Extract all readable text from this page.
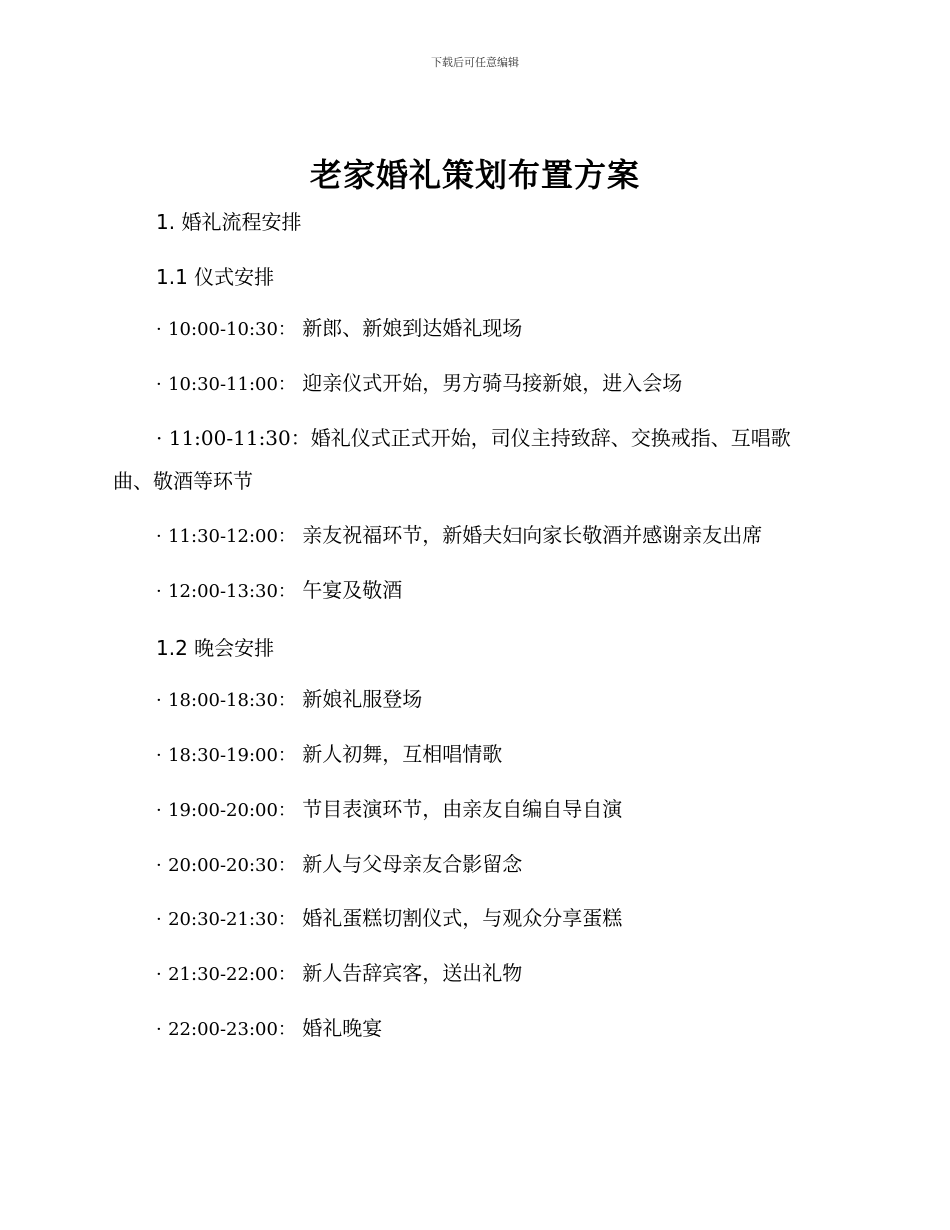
下载后可任意编辑
老家婚礼策划布置方案
1. 婚礼流程安排
1.1 仪式安排
· 10:00-10:30： 新郎、新娘到达婚礼现场
· 10:30-11:00： 迎亲仪式开始，男方骑马接新娘，进入会场
· 11:00-11:30：婚礼仪式正式开始，司仪主持致辞、交换戒指、互唱歌曲、敬酒等环节
· 11:30-12:00： 亲友祝福环节，新婚夫妇向家长敬酒并感谢亲友出席
· 12:00-13:30： 午宴及敬酒
1.2 晚会安排
· 18:00-18:30： 新娘礼服登场
· 18:30-19:00： 新人初舞，互相唱情歌
· 19:00-20:00： 节目表演环节，由亲友自编自导自演
· 20:00-20:30： 新人与父母亲友合影留念
· 20:30-21:30： 婚礼蛋糕切割仪式，与观众分享蛋糕
· 21:30-22:00： 新人告辞宾客，送出礼物
· 22:00-23:00： 婚礼晚宴
